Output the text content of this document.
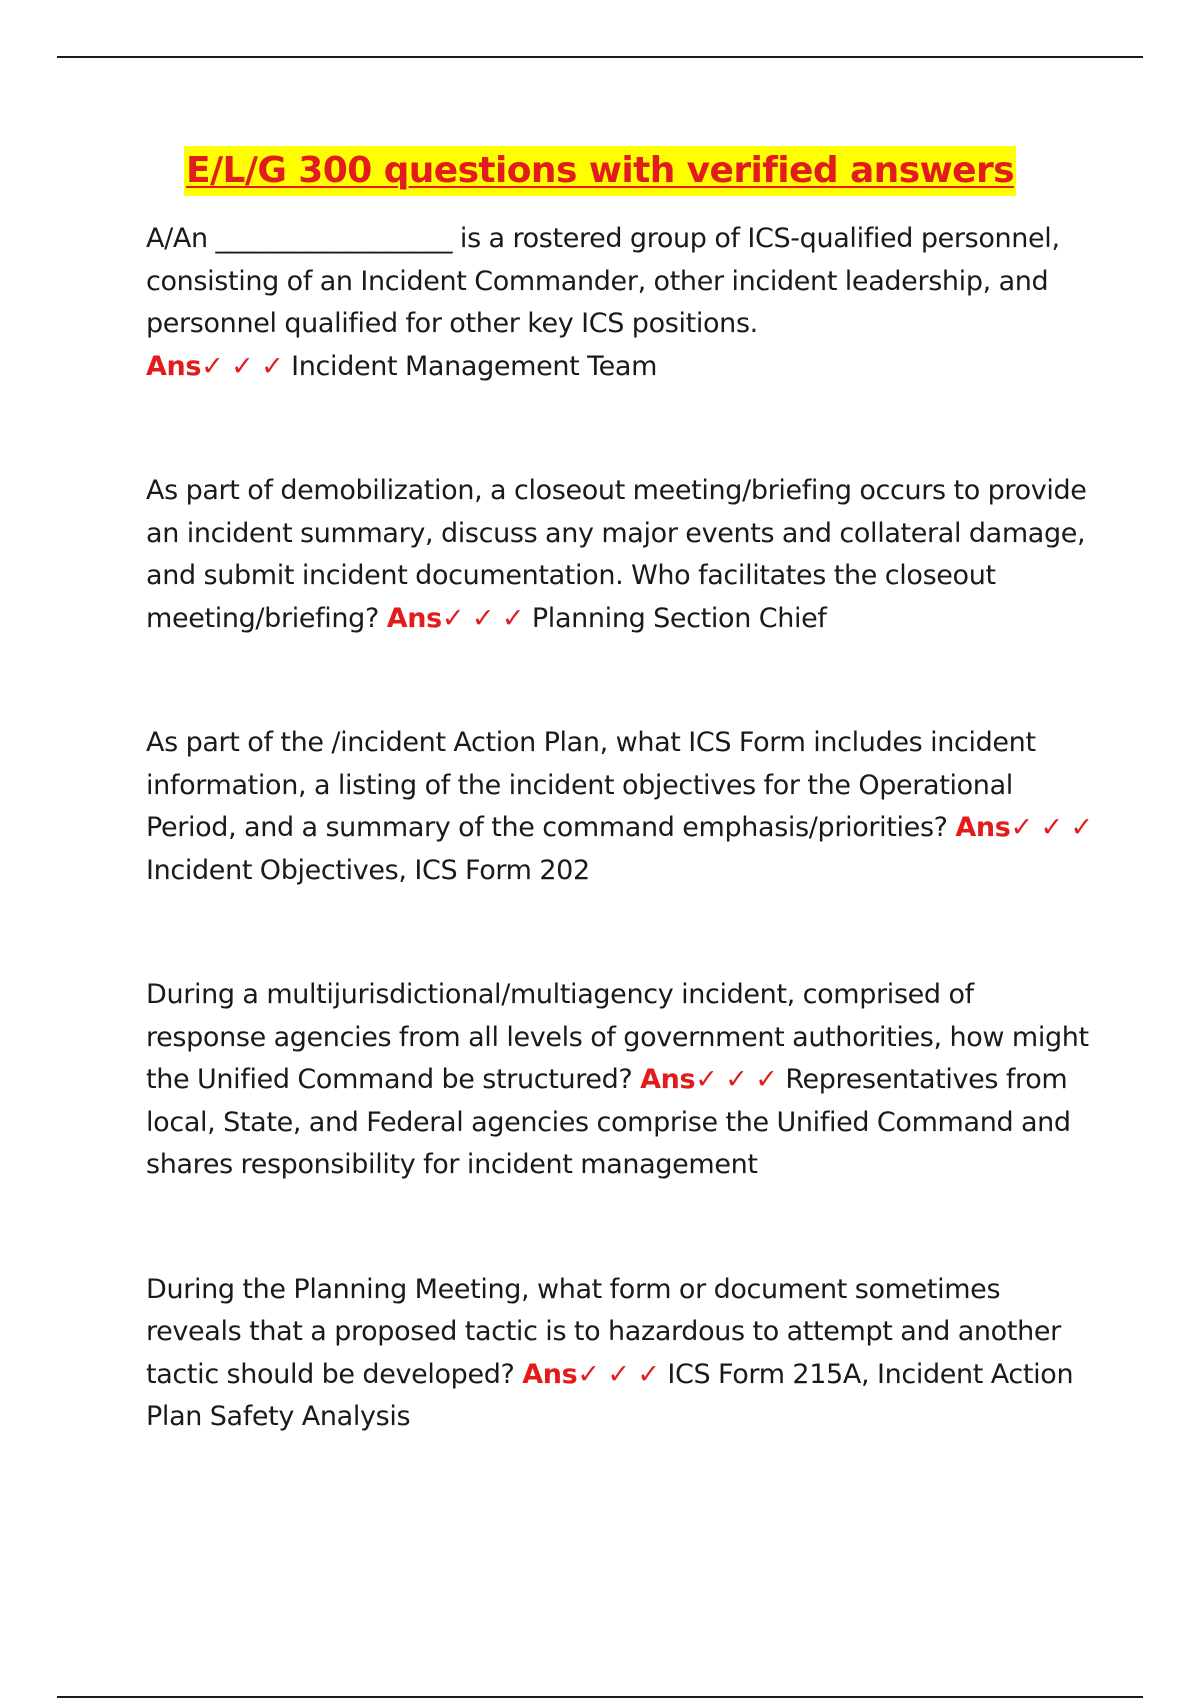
E/L/G 300 questions with verified answers

A/An __________________ is a rostered group of ICS-qualified personnel, consisting of an Incident Commander, other incident leadership, and personnel qualified for other key ICS positions.
Ans✓ ✓ ✓ Incident Management Team

As part of demobilization, a closeout meeting/briefing occurs to provide an incident summary, discuss any major events and collateral damage, and submit incident documentation. Who facilitates the closeout meeting/briefing? Ans✓ ✓ ✓ Planning Section Chief

As part of the /incident Action Plan, what ICS Form includes incident information, a listing of the incident objectives for the Operational Period, and a summary of the command emphasis/priorities? Ans✓ ✓ ✓ Incident Objectives, ICS Form 202

During a multijurisdictional/multiagency incident, comprised of response agencies from all levels of government authorities, how might the Unified Command be structured? Ans✓ ✓ ✓ Representatives from local, State, and Federal agencies comprise the Unified Command and shares responsibility for incident management

During the Planning Meeting, what form or document sometimes reveals that a proposed tactic is to hazardous to attempt and another tactic should be developed? Ans✓ ✓ ✓ ICS Form 215A, Incident Action Plan Safety Analysis
